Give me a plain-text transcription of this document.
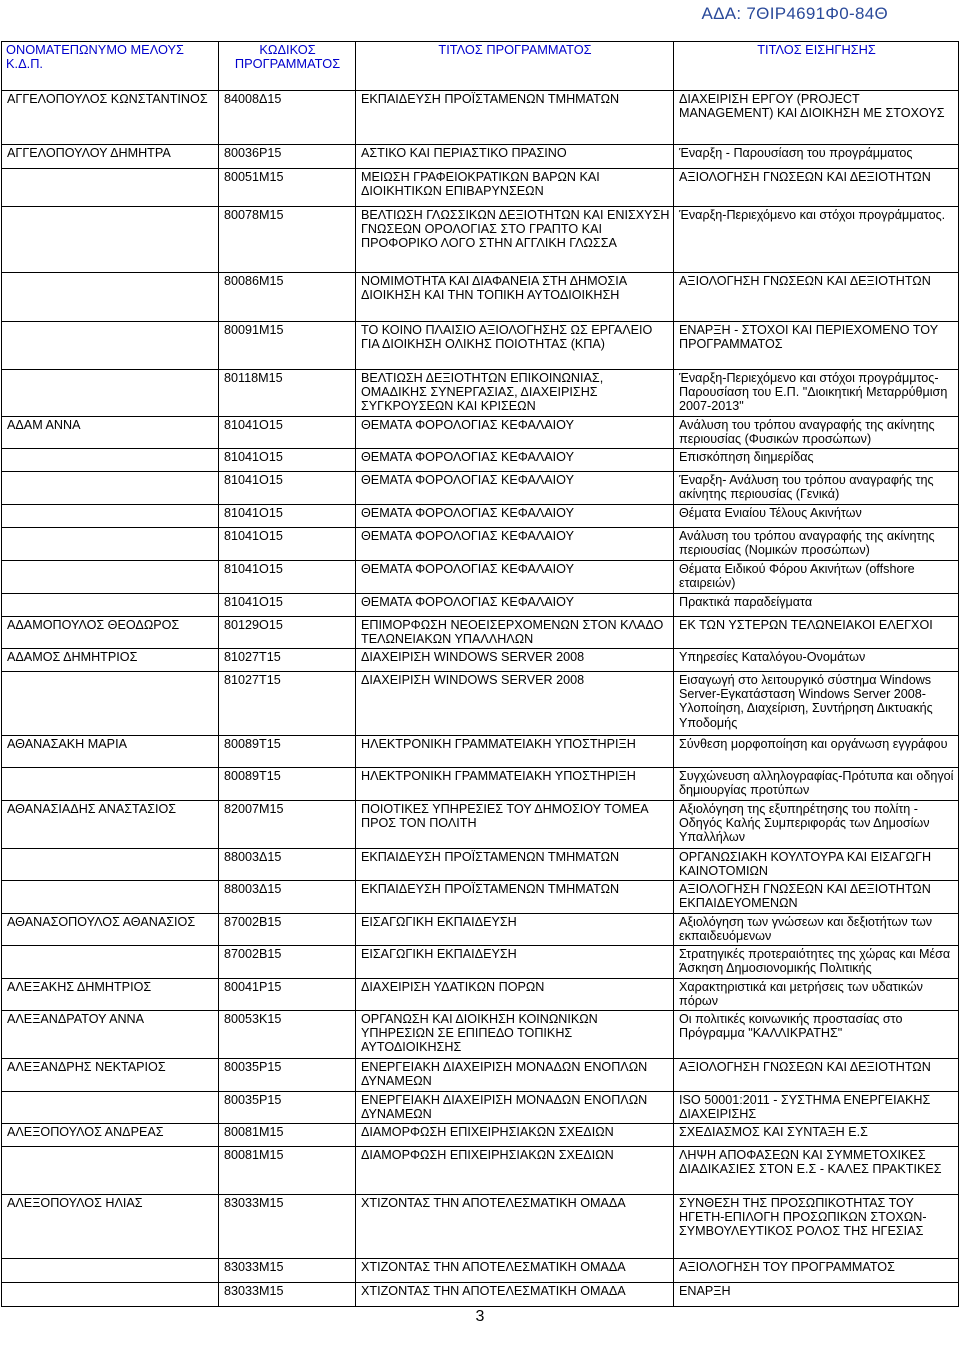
ΑΔΑ: 7ΘΙΡ4691Φ0-84Θ
ΟΝΟΜΑΤΕΠΩΝΥΜΟ ΜΕΛΟΥΣ Κ.Δ.Π.	ΚΩΔΙΚΟΣ ΠΡΟΓΡΑΜΜΑΤΟΣ	ΤΙΤΛΟΣ ΠΡΟΓΡΑΜΜΑΤΟΣ	ΤΙΤΛΟΣ ΕΙΣΗΓΗΣΗΣ
ΑΓΓΕΛΟΠΟΥΛΟΣ ΚΩΝΣΤΑΝΤΙΝΟΣ	84008Δ15	ΕΚΠΑΙΔΕΥΣΗ ΠΡΟΪΣΤΑΜΕΝΩΝ ΤΜΗΜΑΤΩΝ	ΔΙΑΧΕΙΡΙΣΗ ΕΡΓΟΥ (PROJECT MANAGEMENT) ΚΑΙ ΔΙΟΙΚΗΣΗ ΜΕ ΣΤΟΧΟΥΣ
ΑΓΓΕΛΟΠΟΥΛΟΥ ΔΗΜΗΤΡΑ	80036Ρ15	ΑΣΤΙΚΟ ΚΑΙ ΠΕΡΙΑΣΤΙΚΟ ΠΡΑΣΙΝΟ	Έναρξη - Παρουσίαση του προγράμματος
	80051Μ15	ΜΕΙΩΣΗ ΓΡΑΦΕΙΟΚΡΑΤΙΚΩΝ ΒΑΡΩΝ ΚΑΙ ΔΙΟΙΚΗΤΙΚΩΝ ΕΠΙΒΑΡΥΝΣΕΩΝ	ΑΞΙΟΛΟΓΗΣΗ ΓΝΩΣΕΩΝ ΚΑΙ ΔΕΞΙΟΤΗΤΩΝ
	80078Μ15	ΒΕΛΤΙΩΣΗ ΓΛΩΣΣΙΚΩΝ ΔΕΞΙΟΤΗΤΩΝ ΚΑΙ ΕΝΙΣΧΥΣΗ ΓΝΩΣΕΩΝ ΟΡΟΛΟΓΙΑΣ ΣΤΟ ΓΡΑΠΤΟ ΚΑΙ ΠΡΟΦΟΡΙΚΟ ΛΟΓΟ ΣΤΗΝ ΑΓΓΛΙΚΗ ΓΛΩΣΣΑ	Έναρξη-Περιεχόμενο και στόχοι προγράμματος.
	80086Μ15	ΝΟΜΙΜΟΤΗΤΑ ΚΑΙ ΔΙΑΦΑΝΕΙΑ ΣΤΗ ΔΗΜΟΣΙΑ ΔΙΟΙΚΗΣΗ ΚΑΙ ΤΗΝ ΤΟΠΙΚΗ ΑΥΤΟΔΙΟΙΚΗΣΗ	ΑΞΙΟΛΟΓΗΣΗ ΓΝΩΣΕΩΝ ΚΑΙ ΔΕΞΙΟΤΗΤΩΝ
	80091Μ15	ΤΟ ΚΟΙΝΟ ΠΛΑΙΣΙΟ ΑΞΙΟΛΟΓΗΣΗΣ ΩΣ ΕΡΓΑΛΕΙΟ ΓΙΑ ΔΙΟΙΚΗΣΗ ΟΛΙΚΗΣ ΠΟΙΟΤΗΤΑΣ (ΚΠΑ)	ΕΝΑΡΞΗ - ΣΤΟΧΟΙ ΚΑΙ ΠΕΡΙΕΧΟΜΕΝΟ ΤΟΥ ΠΡΟΓΡΑΜΜΑΤΟΣ
	80118Μ15	ΒΕΛΤΙΩΣΗ ΔΕΞΙΟΤΗΤΩΝ ΕΠΙΚΟΙΝΩΝΙΑΣ, ΟΜΑΔΙΚΗΣ ΣΥΝΕΡΓΑΣΙΑΣ, ΔΙΑΧΕΙΡΙΣΗΣ ΣΥΓΚΡΟΥΣΕΩΝ ΚΑΙ ΚΡΙΣΕΩΝ	Έναρξη-Περιεχόμενο και στόχοι προγράμμτος-Παρουσίαση του Ε.Π. "Διοικητική Μεταρρύθμιση 2007-2013"
ΑΔΑΜ ΑΝΝΑ	81041Ο15	ΘΕΜΑΤΑ ΦΟΡΟΛΟΓΙΑΣ ΚΕΦΑΛΑΙΟΥ	Ανάλυση του τρόπου αναγραφής της ακίνητης περιουσίας (Φυσικών προσώπων)
	81041Ο15	ΘΕΜΑΤΑ ΦΟΡΟΛΟΓΙΑΣ ΚΕΦΑΛΑΙΟΥ	Επισκόπηση διημερίδας
	81041Ο15	ΘΕΜΑΤΑ ΦΟΡΟΛΟΓΙΑΣ ΚΕΦΑΛΑΙΟΥ	Έναρξη- Ανάλυση του τρόπου αναγραφής της ακίνητης περιουσίας (Γενικά)
	81041Ο15	ΘΕΜΑΤΑ ΦΟΡΟΛΟΓΙΑΣ ΚΕΦΑΛΑΙΟΥ	Θέματα Ενιαίου Τέλους Ακινήτων
	81041Ο15	ΘΕΜΑΤΑ ΦΟΡΟΛΟΓΙΑΣ ΚΕΦΑΛΑΙΟΥ	Ανάλυση του τρόπου αναγραφής της ακίνητης περιουσίας (Νομικών προσώπων)
	81041Ο15	ΘΕΜΑΤΑ ΦΟΡΟΛΟΓΙΑΣ ΚΕΦΑΛΑΙΟΥ	Θέματα Ειδικού Φόρου Ακινήτων (offshore εταιρειών)
	81041Ο15	ΘΕΜΑΤΑ ΦΟΡΟΛΟΓΙΑΣ ΚΕΦΑΛΑΙΟΥ	Πρακτικά παραδείγματα
ΑΔΑΜΟΠΟΥΛΟΣ ΘΕΟΔΩΡΟΣ	80129Ο15	ΕΠΙΜΟΡΦΩΣΗ ΝΕΟΕΙΣΕΡΧΟΜΕΝΩΝ ΣΤΟΝ ΚΛΑΔΟ ΤΕΛΩΝΕΙΑΚΩΝ ΥΠΑΛΛΗΛΩΝ	ΕΚ ΤΩΝ ΥΣΤΕΡΩΝ ΤΕΛΩΝΕΙΑΚΟΙ ΕΛΕΓΧΟΙ
ΑΔΑΜΟΣ ΔΗΜΗΤΡΙΟΣ	81027Τ15	ΔΙΑΧΕΙΡΙΣΗ WINDOWS SERVER 2008	Υπηρεσίες Καταλόγου-Ονομάτων
	81027Τ15	ΔΙΑΧΕΙΡΙΣΗ WINDOWS SERVER 2008	Εισαγωγή στο λειτουργικό σύστημα Windows Server-Εγκατάσταση Windows Server 2008-Υλοποίηση, Διαχείριση, Συντήρηση Δικτυακής Υποδομής
ΑΘΑΝΑΣΑΚΗ ΜΑΡΙΑ	80089Τ15	ΗΛΕΚΤΡΟΝΙΚΗ ΓΡΑΜΜΑΤΕΙΑΚΗ ΥΠΟΣΤΗΡΙΞΗ	Σύνθεση μορφοποίηση και οργάνωση εγγράφου
	80089Τ15	ΗΛΕΚΤΡΟΝΙΚΗ ΓΡΑΜΜΑΤΕΙΑΚΗ ΥΠΟΣΤΗΡΙΞΗ	Συγχώνευση αλληλογραφίας-Πρότυπα και οδηγοί δημιουργίας προτύπων
ΑΘΑΝΑΣΙΑΔΗΣ ΑΝΑΣΤΑΣΙΟΣ	82007Μ15	ΠΟΙΟΤΙΚΕΣ ΥΠΗΡΕΣΙΕΣ ΤΟΥ ΔΗΜΟΣΙΟΥ ΤΟΜΕΑ ΠΡΟΣ ΤΟΝ ΠΟΛΙΤΗ	Αξιολόγηση της εξυπηρέτησης του πολίτη - Οδηγός Καλής Συμπεριφοράς των Δημοσίων Υπαλλήλων
	88003Δ15	ΕΚΠΑΙΔΕΥΣΗ ΠΡΟΪΣΤΑΜΕΝΩΝ ΤΜΗΜΑΤΩΝ	ΟΡΓΑΝΩΣΙΑΚΗ ΚΟΥΛΤΟΥΡΑ ΚΑΙ ΕΙΣΑΓΩΓΗ ΚΑΙΝΟΤΟΜΙΩΝ
	88003Δ15	ΕΚΠΑΙΔΕΥΣΗ ΠΡΟΪΣΤΑΜΕΝΩΝ ΤΜΗΜΑΤΩΝ	ΑΞΙΟΛΟΓΗΣΗ ΓΝΩΣΕΩΝ ΚΑΙ ΔΕΞΙΟΤΗΤΩΝ ΕΚΠΑΙΔΕΥΟΜΕΝΩΝ
ΑΘΑΝΑΣΟΠΟΥΛΟΣ ΑΘΑΝΑΣΙΟΣ	87002Β15	ΕΙΣΑΓΩΓΙΚΗ ΕΚΠΑΙΔΕΥΣΗ	Αξιολόγηση των γνώσεων και δεξιοτήτων των εκπαιδευόμενων
	87002Β15	ΕΙΣΑΓΩΓΙΚΗ ΕΚΠΑΙΔΕΥΣΗ	Στρατηγικές προτεραιότητες της χώρας και Μέσα Άσκηση Δημοσιονομικής Πολιτικής
ΑΛΕΞΑΚΗΣ ΔΗΜΗΤΡΙΟΣ	80041Ρ15	ΔΙΑΧΕΙΡΙΣΗ ΥΔΑΤΙΚΩΝ ΠΟΡΩΝ	Χαρακτηριστικά και μετρήσεις των υδατικών πόρων
ΑΛΕΞΑΝΔΡΑΤΟΥ ΑΝΝΑ	80053Κ15	ΟΡΓΑΝΩΣΗ ΚΑΙ ΔΙΟΙΚΗΣΗ ΚΟΙΝΩΝΙΚΩΝ ΥΠΗΡΕΣΙΩΝ ΣΕ ΕΠΙΠΕΔΟ ΤΟΠΙΚΗΣ ΑΥΤΟΔΙΟΙΚΗΣΗΣ	Οι πολιτικές κοινωνικής προστασίας στο Πρόγραμμα "ΚΑΛΛΙΚΡΑΤΗΣ"
ΑΛΕΞΑΝΔΡΗΣ ΝΕΚΤΑΡΙΟΣ	80035Ρ15	ΕΝΕΡΓΕΙΑΚΗ ΔΙΑΧΕΙΡΙΣΗ ΜΟΝΑΔΩΝ ΕΝΟΠΛΩΝ ΔΥΝΑΜΕΩΝ	ΑΞΙΟΛΟΓΗΣΗ ΓΝΩΣΕΩΝ ΚΑΙ ΔΕΞΙΟΤΗΤΩΝ
	80035Ρ15	ΕΝΕΡΓΕΙΑΚΗ ΔΙΑΧΕΙΡΙΣΗ ΜΟΝΑΔΩΝ ΕΝΟΠΛΩΝ ΔΥΝΑΜΕΩΝ	ISO 50001:2011 - ΣΥΣΤΗΜΑ ΕΝΕΡΓΕΙΑΚΗΣ ΔΙΑΧΕΙΡΙΣΗΣ
ΑΛΕΞΟΠΟΥΛΟΣ ΑΝΔΡΕΑΣ	80081Μ15	ΔΙΑΜΟΡΦΩΣΗ ΕΠΙΧΕΙΡΗΣΙΑΚΩΝ ΣΧΕΔΙΩΝ	ΣΧΕΔΙΑΣΜΟΣ ΚΑΙ ΣΥΝΤΑΞΗ Ε.Σ
	80081Μ15	ΔΙΑΜΟΡΦΩΣΗ ΕΠΙΧΕΙΡΗΣΙΑΚΩΝ ΣΧΕΔΙΩΝ	ΛΗΨΗ ΑΠΟΦΑΣΕΩΝ ΚΑΙ ΣΥΜΜΕΤΟΧΙΚΕΣ ΔΙΑΔΙΚΑΣΙΕΣ ΣΤΟΝ Ε.Σ - ΚΑΛΕΣ ΠΡΑΚΤΙΚΕΣ
ΑΛΕΞΟΠΟΥΛΟΣ ΗΛΙΑΣ	83033Μ15	ΧΤΙΖΟΝΤΑΣ ΤΗΝ ΑΠΟΤΕΛΕΣΜΑΤΙΚΗ ΟΜΑΔΑ	ΣΥΝΘΕΣΗ ΤΗΣ ΠΡΟΣΩΠΙΚΟΤΗΤΑΣ ΤΟΥ ΗΓΕΤΗ-ΕΠΙΛΟΓΗ ΠΡΟΣΩΠΙΚΩΝ ΣΤΟΧΩΝ-ΣΥΜΒΟΥΛΕΥΤΙΚΟΣ ΡΟΛΟΣ ΤΗΣ ΗΓΕΣΙΑΣ
	83033Μ15	ΧΤΙΖΟΝΤΑΣ ΤΗΝ ΑΠΟΤΕΛΕΣΜΑΤΙΚΗ ΟΜΑΔΑ	ΑΞΙΟΛΟΓΗΣΗ ΤΟΥ ΠΡΟΓΡΑΜΜΑΤΟΣ
	83033Μ15	ΧΤΙΖΟΝΤΑΣ ΤΗΝ ΑΠΟΤΕΛΕΣΜΑΤΙΚΗ ΟΜΑΔΑ	ΕΝΑΡΞΗ
3
